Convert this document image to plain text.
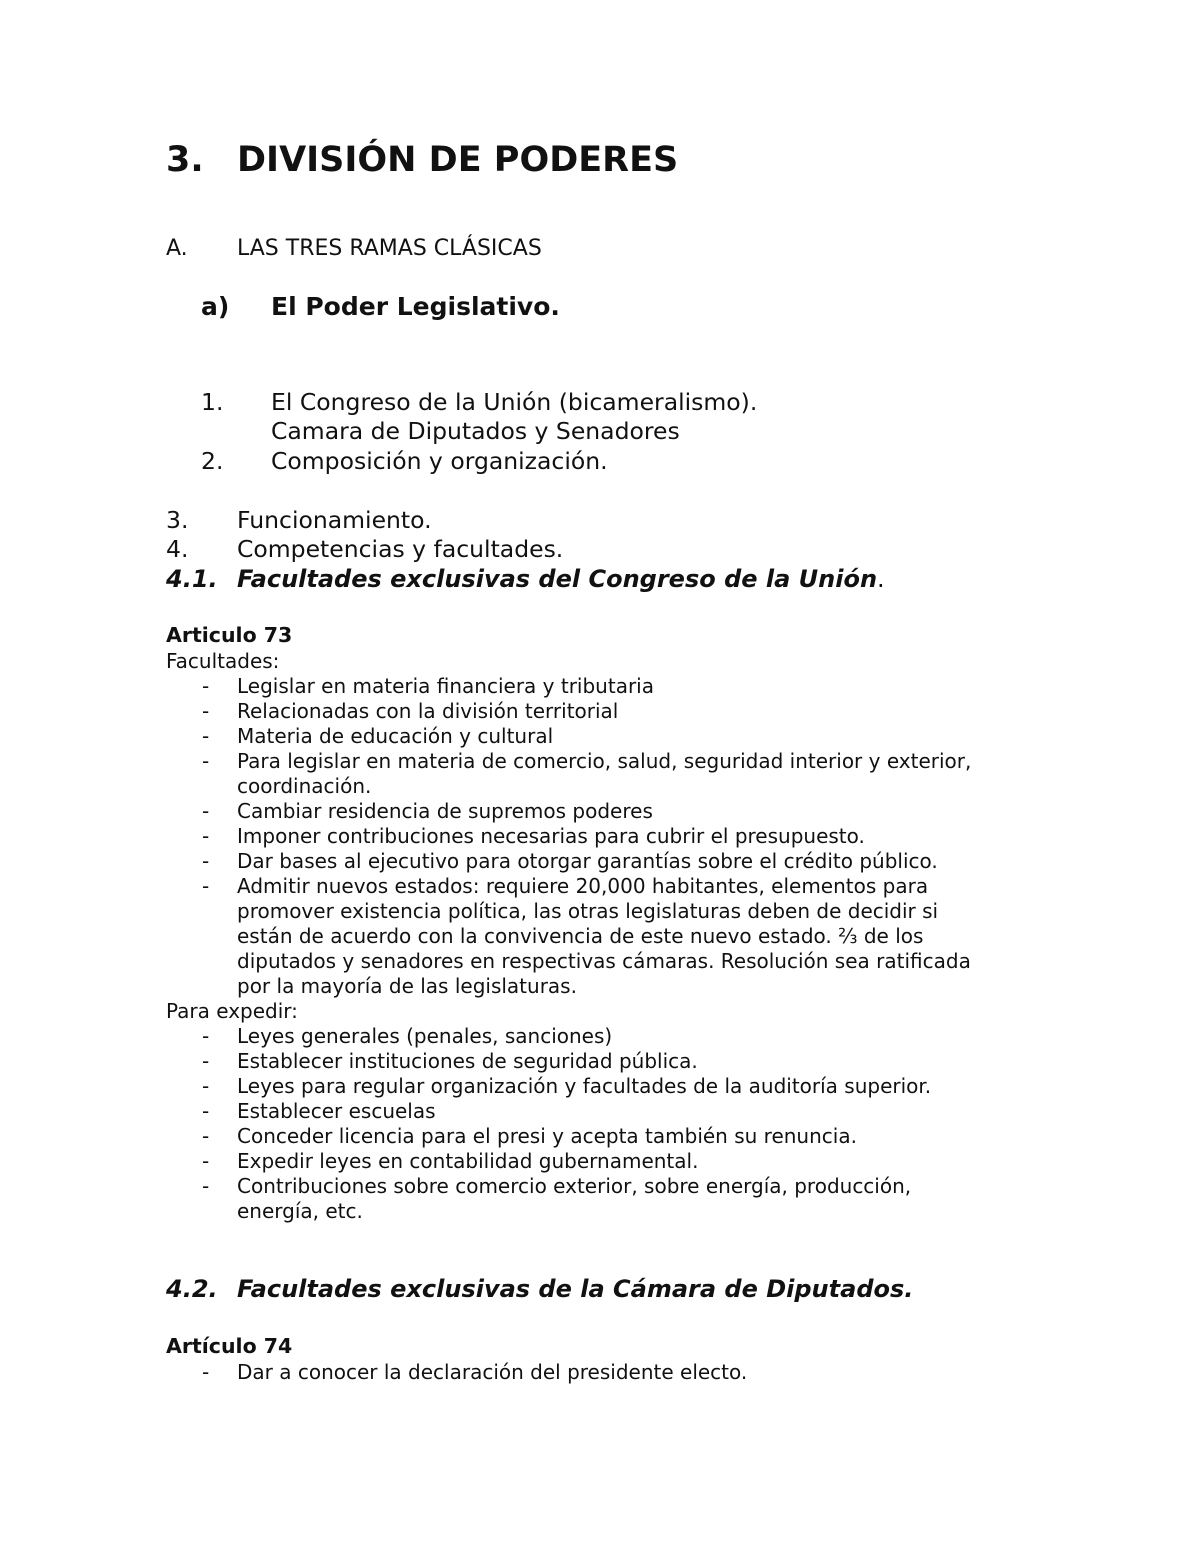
3. DIVISIÓN DE PODERES
A. LAS TRES RAMAS CLÁSICAS
a) El Poder Legislativo.
1. El Congreso de la Unión (bicameralismo).
Camara de Diputados y Senadores
2. Composición y organización.
3. Funcionamiento.
4. Competencias y facultades.
4.1. Facultades exclusivas del Congreso de la Unión.
Articulo 73
Facultades:
- Legislar en materia financiera y tributaria
- Relacionadas con la división territorial
- Materia de educación y cultural
- Para legislar en materia de comercio, salud, seguridad interior y exterior,
coordinación.
- Cambiar residencia de supremos poderes
- Imponer contribuciones necesarias para cubrir el presupuesto.
- Dar bases al ejecutivo para otorgar garantías sobre el crédito público.
- Admitir nuevos estados: requiere 20,000 habitantes, elementos para
promover existencia política, las otras legislaturas deben de decidir si
están de acuerdo con la convivencia de este nuevo estado. ⅔ de los
diputados y senadores en respectivas cámaras. Resolución sea ratificada
por la mayoría de las legislaturas.
Para expedir:
- Leyes generales (penales, sanciones)
- Establecer instituciones de seguridad pública.
- Leyes para regular organización y facultades de la auditoría superior.
- Establecer escuelas
- Conceder licencia para el presi y acepta también su renuncia.
- Expedir leyes en contabilidad gubernamental.
- Contribuciones sobre comercio exterior, sobre energía, producción,
energía, etc.
4.2. Facultades exclusivas de la Cámara de Diputados.
Artículo 74
- Dar a conocer la declaración del presidente electo.
